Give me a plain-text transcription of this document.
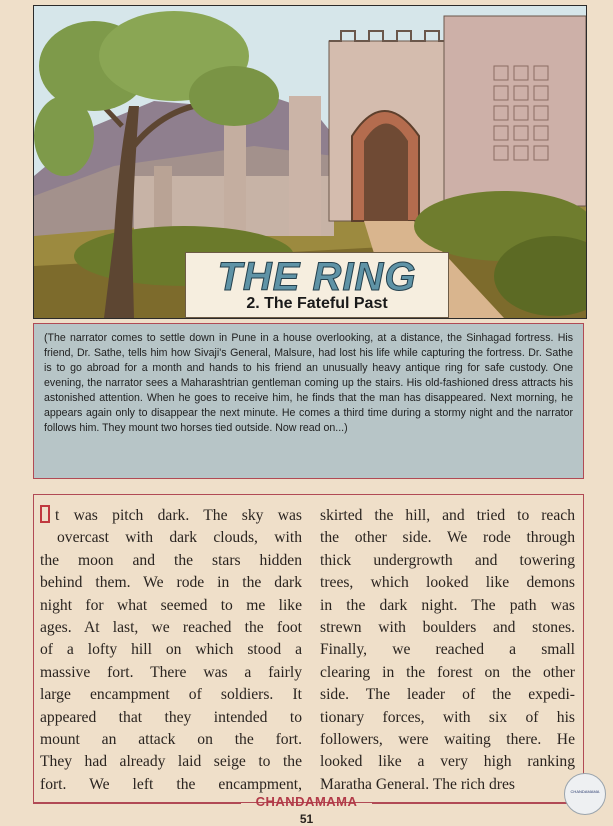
THE RING
2. The Fateful Past
(The narrator comes to settle down in Pune in a house overlooking, at a distance, the Sinhagad fortress. His friend, Dr. Sathe, tells him how Sivaji's General, Malsure, had lost his life while capturing the fortress. Dr. Sathe is to go abroad for a month and hands to his friend an unusually heavy antique ring for safe custody. One evening, the narrator sees a Maharashtrian gentleman coming up the stairs. His old-fashioned dress attracts his astonished attention. When he goes to receive him, he finds that the man has disappeared. Next morning, he appears again only to disappear the next minute. He comes a third time during a stormy night and the narrator follows him. They mount two horses tied outside. Now read on...)
t was pitch dark. The sky was
overcast with dark clouds, with
the moon and the stars hidden
behind them. We rode in the dark
night for what seemed to me like
ages. At last, we reached the foot
of a lofty hill on which stood a
massive fort. There was a fairly
large encampment of soldiers. It
appeared that they intended to
mount an attack on the fort.
They had already laid seige to the
fort. We left the encampment,
skirted the hill, and tried to reach
the other side. We rode through
thick undergrowth and towering
trees, which looked like demons
in the dark night. The path was
strewn with boulders and stones.
Finally, we reached a small
clearing in the forest on the other
side. The leader of the expedi-
tionary forces, with six of his
followers, were waiting there. He
looked like a very high ranking
Maratha General. The rich dres
CHANDAMAMA
51
CHANDAMAMA
